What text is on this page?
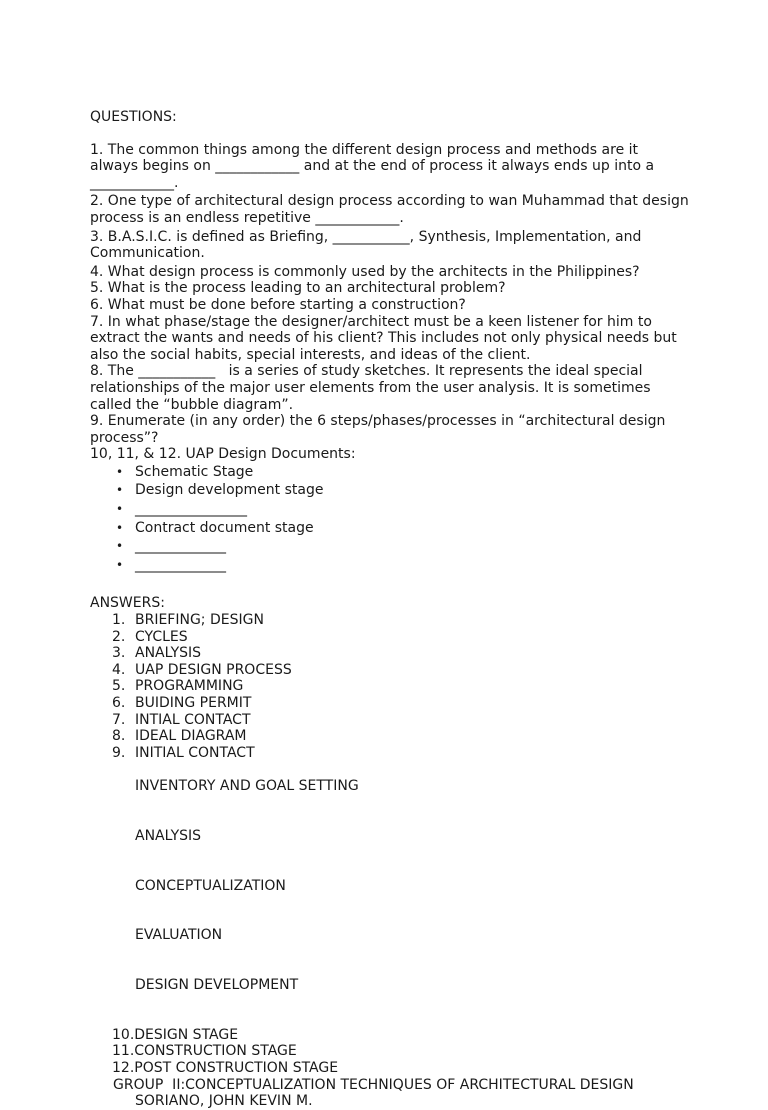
QUESTIONS:
1. The common things among the different design process and methods are it always begins on ____________ and at the end of process it always ends up into a ____________.
2. One type of architectural design process according to wan Muhammad that design process is an endless repetitive ____________.
3. B.A.S.I.C. is defined as Briefing, ___________, Synthesis, Implementation, and Communication.
4. What design process is commonly used by the architects in the Philippines?
5. What is the process leading to an architectural problem?
6. What must be done before starting a construction?
7. In what phase/stage the designer/architect must be a keen listener for him to extract the wants and needs of his client? This includes not only physical needs but also the social habits, special interests, and ideas of the client.
8. The ___________   is a series of study sketches. It represents the ideal special relationships of the major user elements from the user analysis. It is sometimes called the “bubble diagram”.
9. Enumerate (in any order) the 6 steps/phases/processes in “architectural design process”?
10, 11, & 12. UAP Design Documents:
• Schematic Stage
• Design development stage
• ________________
• Contract document stage
• _____________
• _____________
ANSWERS:
1. BRIEFING; DESIGN
2. CYCLES
3. ANALYSIS
4. UAP DESIGN PROCESS
5. PROGRAMMING
6. BUIDING PERMIT
7. INTIAL CONTACT
8. IDEAL DIAGRAM
9. INITIAL CONTACT

INVENTORY AND GOAL SETTING

ANALYSIS

CONCEPTUALIZATION

EVALUATION

DESIGN DEVELOPMENT

10.DESIGN STAGE
11.CONSTRUCTION STAGE
12.POST CONSTRUCTION STAGE
GROUP  II:CONCEPTUALIZATION TECHNIQUES OF ARCHITECTURAL DESIGN
SORIANO, JOHN KEVIN M.
